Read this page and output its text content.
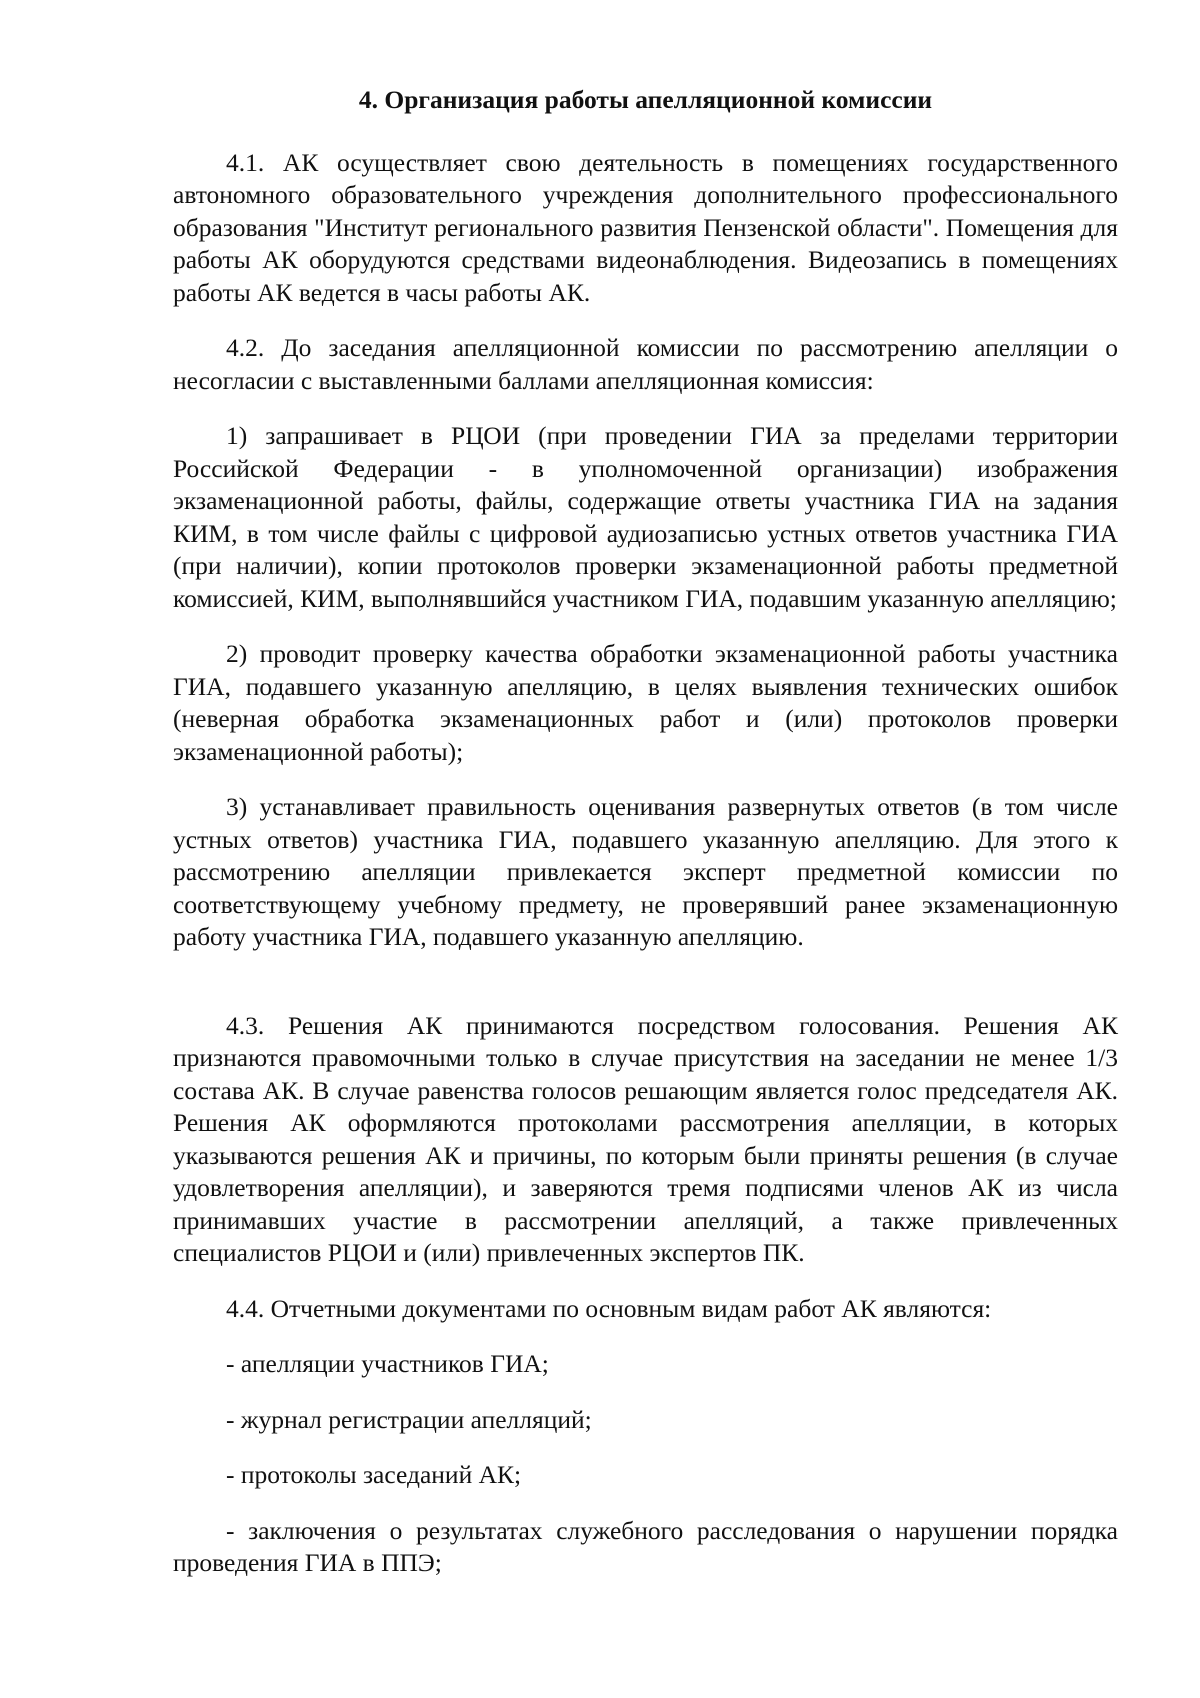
4. Организация работы апелляционной комиссии

4.1. АК осуществляет свою деятельность в помещениях государственного автономного образовательного учреждения дополнительного профессионального образования "Институт регионального развития Пензенской области". Помещения для работы АК оборудуются средствами видеонаблюдения. Видеозапись в помещениях работы АК ведется в часы работы АК.

4.2. До заседания апелляционной комиссии по рассмотрению апелляции о несогласии с выставленными баллами апелляционная комиссия:

1) запрашивает в РЦОИ (при проведении ГИА за пределами территории Российской Федерации - в уполномоченной организации) изображения экзаменационной работы, файлы, содержащие ответы участника ГИА на задания КИМ, в том числе файлы с цифровой аудиозаписью устных ответов участника ГИА (при наличии), копии протоколов проверки экзаменационной работы предметной комиссией, КИМ, выполнявшийся участником ГИА, подавшим указанную апелляцию;

2) проводит проверку качества обработки экзаменационной работы участника ГИА, подавшего указанную апелляцию, в целях выявления технических ошибок (неверная обработка экзаменационных работ и (или) протоколов проверки экзаменационной работы);

3) устанавливает правильность оценивания развернутых ответов (в том числе устных ответов) участника ГИА, подавшего указанную апелляцию. Для этого к рассмотрению апелляции привлекается эксперт предметной комиссии по соответствующему учебному предмету, не проверявший ранее экзаменационную работу участника ГИА, подавшего указанную апелляцию.

4.3. Решения АК принимаются посредством голосования. Решения АК признаются правомочными только в случае присутствия на заседании не менее 1/3 состава АК. В случае равенства голосов решающим является голос председателя АК. Решения АК оформляются протоколами рассмотрения апелляции, в которых указываются решения АК и причины, по которым были приняты решения (в случае удовлетворения апелляции), и заверяются тремя подписями членов АК из числа принимавших участие в рассмотрении апелляций, а также привлеченных специалистов РЦОИ и (или) привлеченных экспертов ПК.

4.4. Отчетными документами по основным видам работ АК являются:

- апелляции участников ГИА;

- журнал регистрации апелляций;

- протоколы заседаний АК;

- заключения о результатах служебного расследования о нарушении порядка проведения ГИА в ППЭ;
